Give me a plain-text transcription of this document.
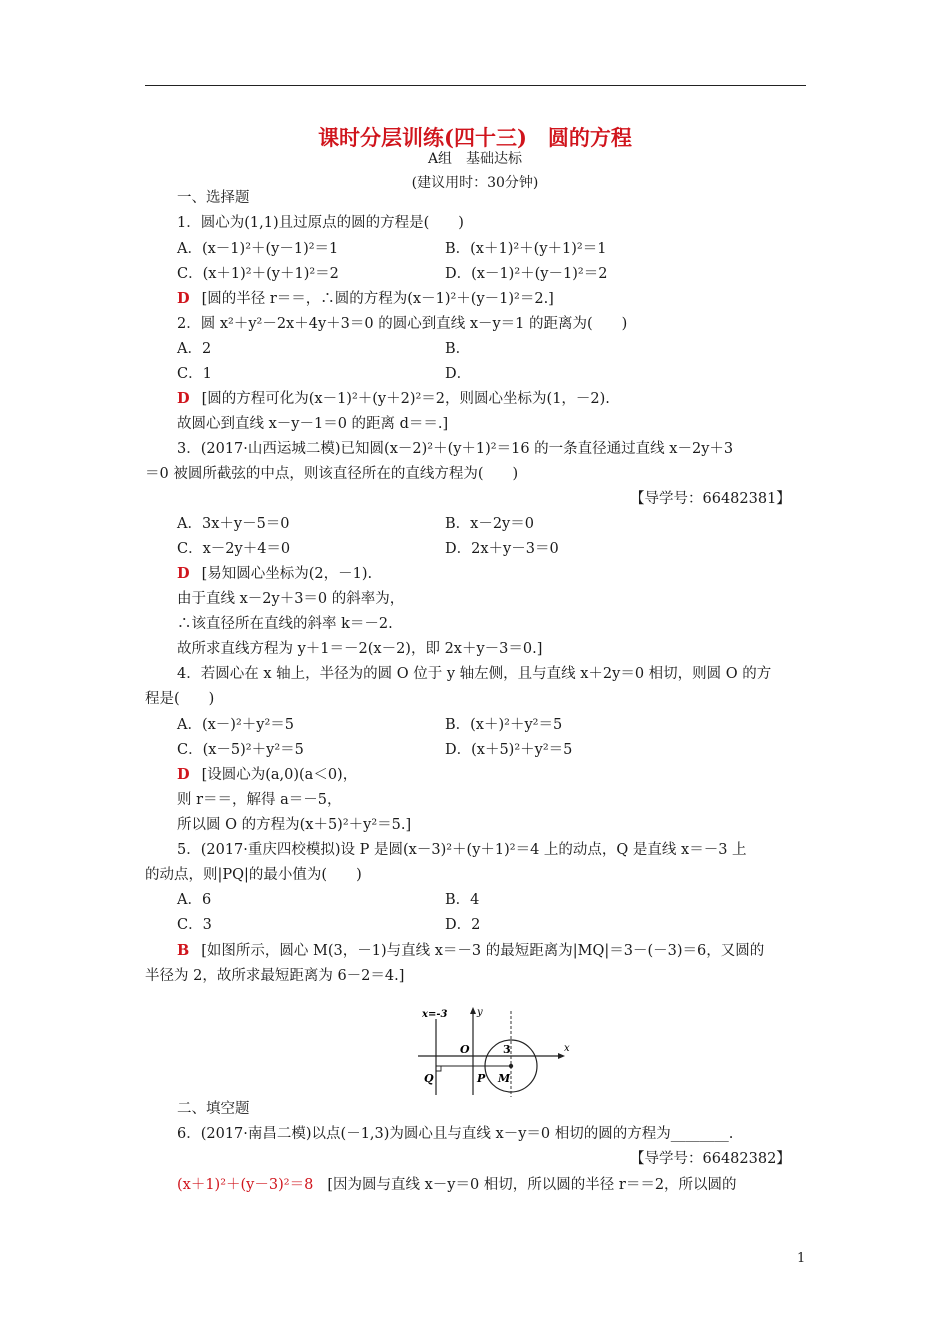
课时分层训练(四十三)　圆的方程
A组　基础达标
(建议用时：30分钟)
一、选择题
1．圆心为(1,1)且过原点的圆的方程是(　　)
A．(x－1)²＋(y－1)²＝1	B．(x＋1)²＋(y＋1)²＝1
C．(x＋1)²＋(y＋1)²＝2	D．(x－1)²＋(y－1)²＝2
D [圆的半径 r＝＝，∴圆的方程为(x－1)²＋(y－1)²＝2.]
2．圆 x²＋y²－2x＋4y＋3＝0 的圆心到直线 x－y＝1 的距离为(　　)
A．2	B．
C．1	D．
D [圆的方程可化为(x－1)²＋(y＋2)²＝2，则圆心坐标为(1，－2).
故圆心到直线 x－y－1＝0 的距离 d＝＝.]
3．(2017·山西运城二模)已知圆(x－2)²＋(y＋1)²＝16 的一条直径通过直线 x－2y＋3
＝0 被圆所截弦的中点，则该直径所在的直线方程为(　　)
【导学号：66482381】
A．3x＋y－5＝0	B．x－2y＝0
C．x－2y＋4＝0	D．2x＋y－3＝0
D [易知圆心坐标为(2，－1).
由于直线 x－2y＋3＝0 的斜率为，
∴该直径所在直线的斜率 k＝－2.
故所求直线方程为 y＋1＝－2(x－2)，即 2x＋y－3＝0.]
4．若圆心在 x 轴上，半径为的圆 O 位于 y 轴左侧，且与直线 x＋2y＝0 相切，则圆 O 的方
程是(　　)
A．(x－)²＋y²＝5	B．(x＋)²＋y²＝5
C．(x－5)²＋y²＝5	D．(x＋5)²＋y²＝5
D [设圆心为(a,0)(a＜0)，
则 r＝＝，解得 a＝－5，
所以圆 O 的方程为(x＋5)²＋y²＝5.]
5．(2017·重庆四校模拟)设 P 是圆(x－3)²＋(y＋1)²＝4 上的动点，Q 是直线 x＝－3 上
的动点，则|PQ|的最小值为(　　)
A．6	B．4
C．3	D．2
B [如图所示，圆心 M(3，－1)与直线 x＝－3 的最短距离为|MQ|＝3－(－3)＝6，又圆的
半径为 2，故所求最短距离为 6－2＝4.]
二、填空题
6．(2017·南昌二模)以点(－1,3)为圆心且与直线 x－y＝0 相切的圆的方程为________.
【导学号：66482382】
(x＋1)²＋(y－3)²＝8 [因为圆与直线 x－y＝0 相切，所以圆的半径 r＝＝2，所以圆的
x=-3	y
x
O	3
Q	P M
1
